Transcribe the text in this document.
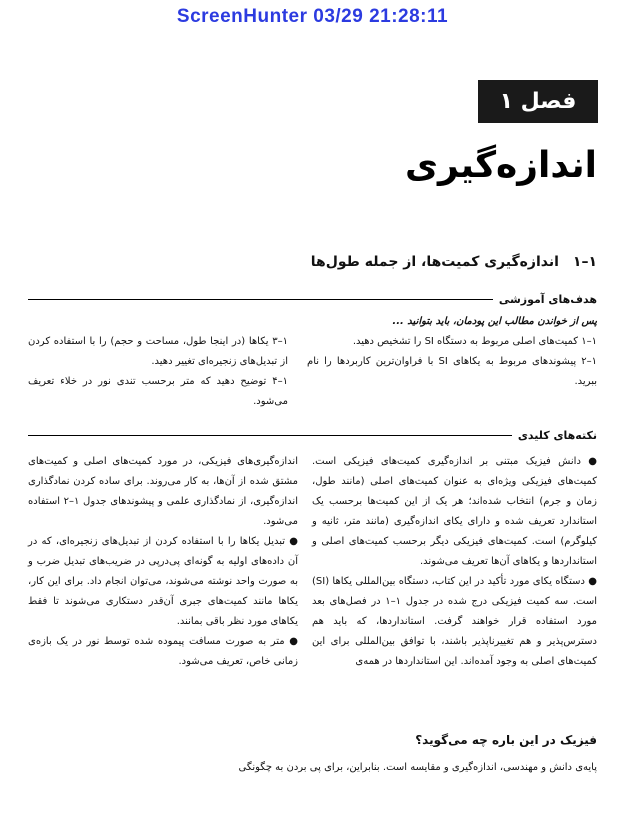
ScreenHunter 03/29 21:28:11
فصل ۱
اندازه‌گیری
۱–۱
اندازه‌گیری کمیت‌ها، از جمله طول‌ها
هدف‌های آموزشی

پس از خواندن مطالب این پودمان، باید بتوانید ...

۱–۱ کمیت‌های اصلی مربوط به دستگاه SI را تشخیص دهید.

۱–۲ پیشوندهای مربوط به یکاهای SI با فراوان‌ترین کاربردها را نام ببرید.

۱–۳ یکاها (در اینجا طول، مساحت و حجم) را با استفاده کردن از تبدیل‌های زنجیره‌ای تغییر دهید.

۱–۴ توضیح دهید که متر برحسب تندی نور در خلاء تعریف می‌شود.

نکته‌های کلیدی

● دانش فیزیک مبتنی بر اندازه‌گیری کمیت‌های فیزیکی است. کمیت‌های فیزیکی ویژه‌ای به عنوان کمیت‌های اصلی (مانند طول، زمان و جرم) انتخاب شده‌اند؛ هر یک از این کمیت‌ها برحسب یک استاندارد تعریف شده و دارای یکای اندازه‌گیری (مانند متر، ثانیه و کیلوگرم) است. کمیت‌های فیزیکی دیگر برحسب کمیت‌های اصلی و استانداردها و یکاهای آن‌ها تعریف می‌شوند.

● دستگاه یکای مورد تأکید در این کتاب، دستگاه بین‌المللی یکاها (SI) است. سه کمیت فیزیکی درج شده در جدول ۱–۱ در فصل‌های بعد مورد استفاده قرار خواهند گرفت. استانداردها، که باید هم دسترس‌پذیر و هم تغییرناپذیر باشند، با توافق بین‌المللی برای این کمیت‌های اصلی به وجود آمده‌اند. این استانداردها در همه‌ی

اندازه‌گیری‌های فیزیکی، در مورد کمیت‌های اصلی و کمیت‌های مشتق شده از آن‌ها، به کار می‌روند. برای ساده کردن نمادگذاری اندازه‌گیری، از نمادگذاری علمی و پیشوندهای جدول ۱–۲ استفاده می‌شود.

● تبدیل یکاها را با استفاده کردن از تبدیل‌های زنجیره‌ای، که در آن داده‌های اولیه به گونه‌ای پی‌درپی در ضریب‌های تبدیل ضرب و به صورت واحد نوشته می‌شوند، می‌توان انجام داد. برای این کار، یکاها مانند کمیت‌های جبری آن‌قدر دستکاری می‌شوند تا فقط یکاهای مورد نظر باقی بمانند.

● متر به صورت مسافت پیموده شده توسط نور در یک بازه‌ی زمانی خاص، تعریف می‌شود.

فیزیک در این باره چه می‌گوید؟
پایه‌ی دانش و مهندسی، اندازه‌گیری و مقایسه است. بنابراین، برای پی بردن به چگونگی
